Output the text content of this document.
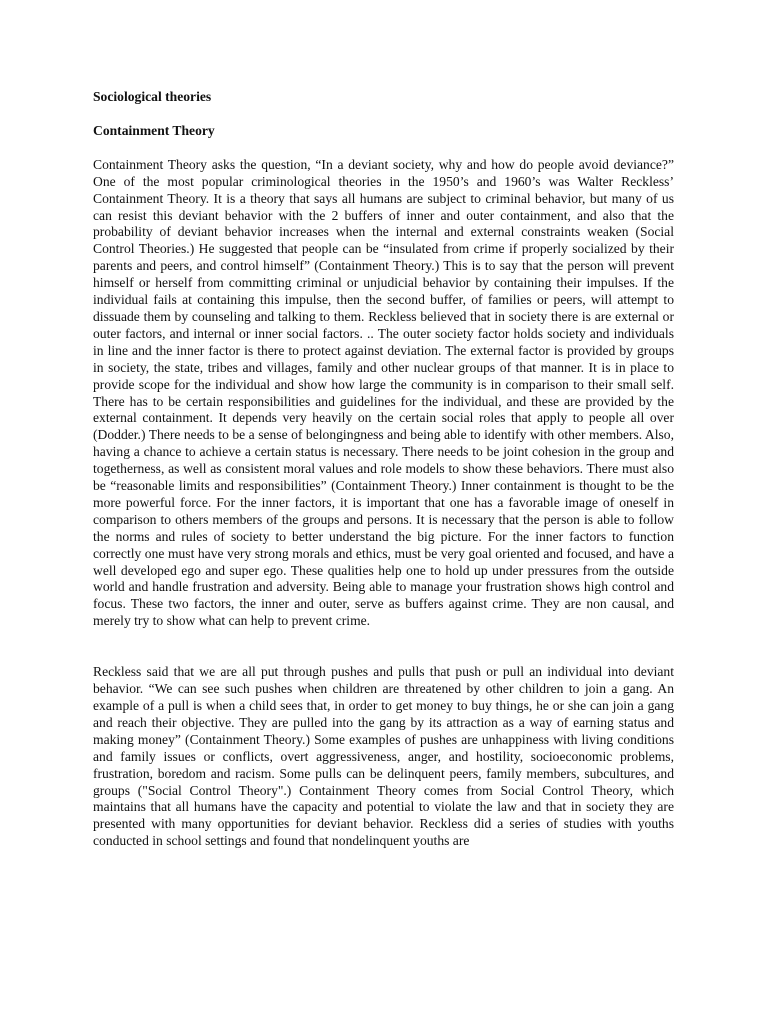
Sociological theories

Containment Theory

Containment Theory asks the question, “In a deviant society, why and how do people avoid deviance?” One of the most popular criminological theories in the 1950’s and 1960’s was Walter Reckless’ Containment Theory. It is a theory that says all humans are subject to criminal behavior, but many of us can resist this deviant behavior with the 2 buffers of inner and outer containment, and also that the probability of deviant behavior increases when the internal and external constraints weaken (Social Control Theories.) He suggested that people can be “insulated from crime if properly socialized by their parents and peers, and control himself” (Containment Theory.) This is to say that the person will prevent himself or herself from committing criminal or unjudicial behavior by containing their impulses. If the individual fails at containing this impulse, then the second buffer, of families or peers, will attempt to dissuade them by counseling and talking to them. Reckless believed that in society there is are external or outer factors, and internal or inner social factors. .. The outer society factor holds society and individuals in line and the inner factor is there to protect against deviation. The external factor is provided by groups in society, the state, tribes and villages, family and other nuclear groups of that manner. It is in place to provide scope for the individual and show how large the community is in comparison to their small self. There has to be certain responsibilities and guidelines for the individual, and these are provided by the external containment. It depends very heavily on the certain social roles that apply to people all over (Dodder.) There needs to be a sense of belongingness and being able to identify with other members. Also, having a chance to achieve a certain status is necessary. There needs to be joint cohesion in the group and togetherness, as well as consistent moral values and role models to show these behaviors. There must also be “reasonable limits and responsibilities” (Containment Theory.) Inner containment is thought to be the more powerful force. For the inner factors, it is important that one has a favorable image of oneself in comparison to others members of the groups and persons. It is necessary that the person is able to follow the norms and rules of society to better understand the big picture. For the inner factors to function correctly one must have very strong morals and ethics, must be very goal oriented and focused, and have a well developed ego and super ego. These qualities help one to hold up under pressures from the outside world and handle frustration and adversity. Being able to manage your frustration shows high control and focus. These two factors, the inner and outer, serve as buffers against crime. They are non causal, and merely try to show what can help to prevent crime.

Reckless said that we are all put through pushes and pulls that push or pull an individual into deviant behavior. “We can see such pushes when children are threatened by other children to join a gang. An example of a pull is when a child sees that, in order to get money to buy things, he or she can join a gang and reach their objective. They are pulled into the gang by its attraction as a way of earning status and making money” (Containment Theory.) Some examples of pushes are unhappiness with living conditions and family issues or conflicts, overt aggressiveness, anger, and hostility, socioeconomic problems, frustration, boredom and racism. Some pulls can be delinquent peers, family members, subcultures, and groups ("Social Control Theory".) Containment Theory comes from Social Control Theory, which maintains that all humans have the capacity and potential to violate the law and that in society they are presented with many opportunities for deviant behavior. Reckless did a series of studies with youths conducted in school settings and found that nondelinquent youths are
